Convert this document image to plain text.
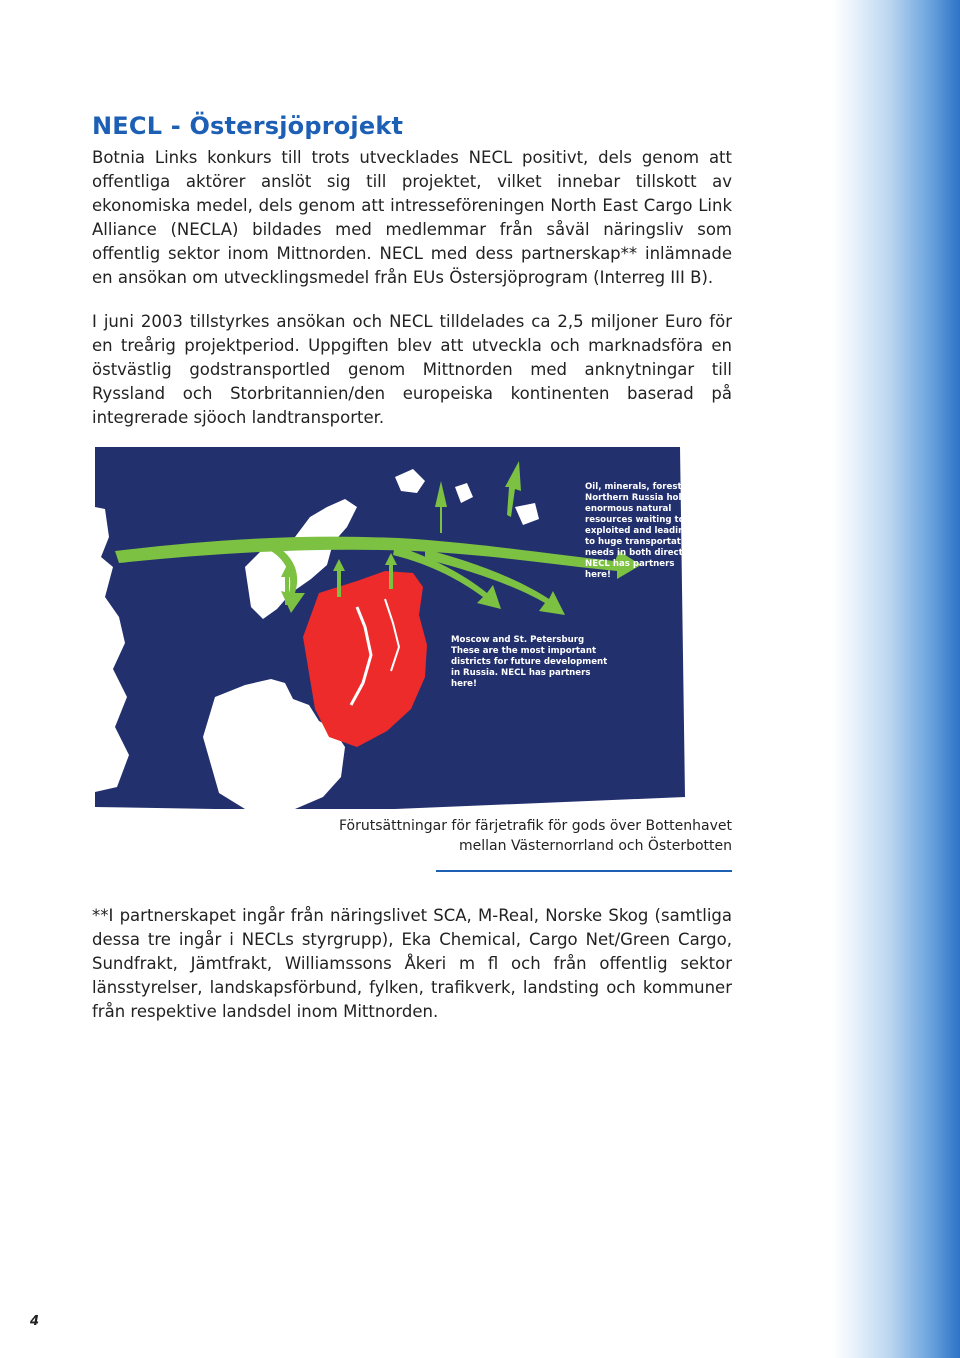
NECL - Östersjöprojekt

Botnia Links konkurs till trots utvecklades NECL positivt, dels genom att offentliga aktörer anslöt sig till projektet, vilket innebar tillskott av ekonomiska medel, dels genom att intresseföreningen North East Cargo Link Alliance (NECLA) bildades med medlemmar från såväl näringsliv som offentlig sektor inom Mittnorden. NECL med dess partnerskap** inlämnade en ansökan om utvecklingsmedel från EUs Östersjöprogram (Interreg III B).

I juni 2003 tillstyrkes ansökan och NECL tilldelades ca 2,5 miljoner Euro för en treårig projektperiod. Uppgiften blev att utveckla och marknadsföra en östvästlig godstransportled genom Mittnorden med anknytningar till Ryssland och Storbritannien/den europeiska kontinenten baserad på integrerade sjöoch landtransporter.

Oil, minerals, forest Northern Russia holds enormous natural resources waiting to be exploited and leading to huge transportation needs in both directions. NECL has partners here!
Moscow and St. Petersburg These are the most important districts for future development in Russia. NECL has partners here!
Förutsättningar för färjetrafik för gods över Bottenhavet
mellan Västernorrland och Österbotten

**I partnerskapet ingår från näringslivet SCA, M-Real, Norske Skog (samtliga dessa tre ingår i NECLs styrgrupp), Eka Chemical, Cargo Net/Green Cargo, Sundfrakt, Jämtfrakt, Williamssons Åkeri m fl och från offentlig sektor länsstyrelser, landskapsförbund, fylken, trafikverk, landsting och kommuner från respektive landsdel inom Mittnorden.

4
